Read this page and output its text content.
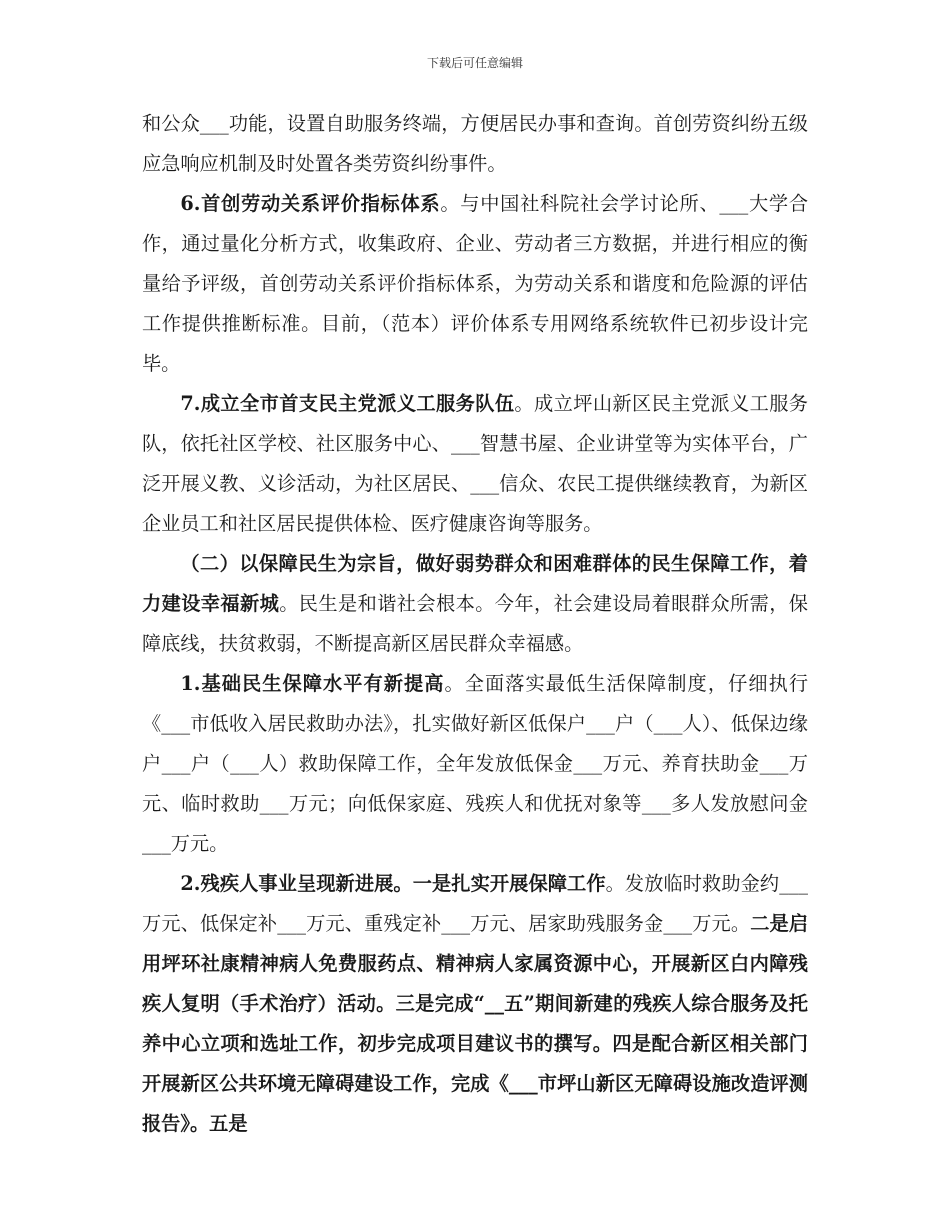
下载后可任意编辑

和公众___功能，设置自助服务终端，方便居民办事和查询。首创劳资纠纷五级应急响应机制及时处置各类劳资纠纷事件。

6.首创劳动关系评价指标体系。与中国社科院社会学讨论所、___大学合作，通过量化分析方式，收集政府、企业、劳动者三方数据，并进行相应的衡量给予评级，首创劳动关系评价指标体系，为劳动关系和谐度和危险源的评估工作提供推断标准。目前，（范本）评价体系专用网络系统软件已初步设计完毕。

7.成立全市首支民主党派义工服务队伍。成立坪山新区民主党派义工服务队，依托社区学校、社区服务中心、___智慧书屋、企业讲堂等为实体平台，广泛开展义教、义诊活动，为社区居民、___信众、农民工提供继续教育，为新区企业员工和社区居民提供体检、医疗健康咨询等服务。

（二）以保障民生为宗旨，做好弱势群众和困难群体的民生保障工作，着力建设幸福新城。民生是和谐社会根本。今年，社会建设局着眼群众所需，保障底线，扶贫救弱，不断提高新区居民群众幸福感。

1.基础民生保障水平有新提高。全面落实最低生活保障制度，仔细执行《___市低收入居民救助办法》，扎实做好新区低保户___户（___人）、低保边缘户___户（___人）救助保障工作，全年发放低保金___万元、养育扶助金___万元、临时救助___万元；向低保家庭、残疾人和优抚对象等___多人发放慰问金___万元。

2.残疾人事业呈现新进展。一是扎实开展保障工作。发放临时救助金约___万元、低保定补___万元、重残定补___万元、居家助残服务金___万元。二是启用坪环社康精神病人免费服药点、精神病人家属资源中心，开展新区白内障残疾人复明（手术治疗）活动。三是完成“__五”期间新建的残疾人综合服务及托养中心立项和选址工作，初步完成项目建议书的撰写。四是配合新区相关部门开展新区公共环境无障碍建设工作，完成《___市坪山新区无障碍设施改造评测报告》。五是
